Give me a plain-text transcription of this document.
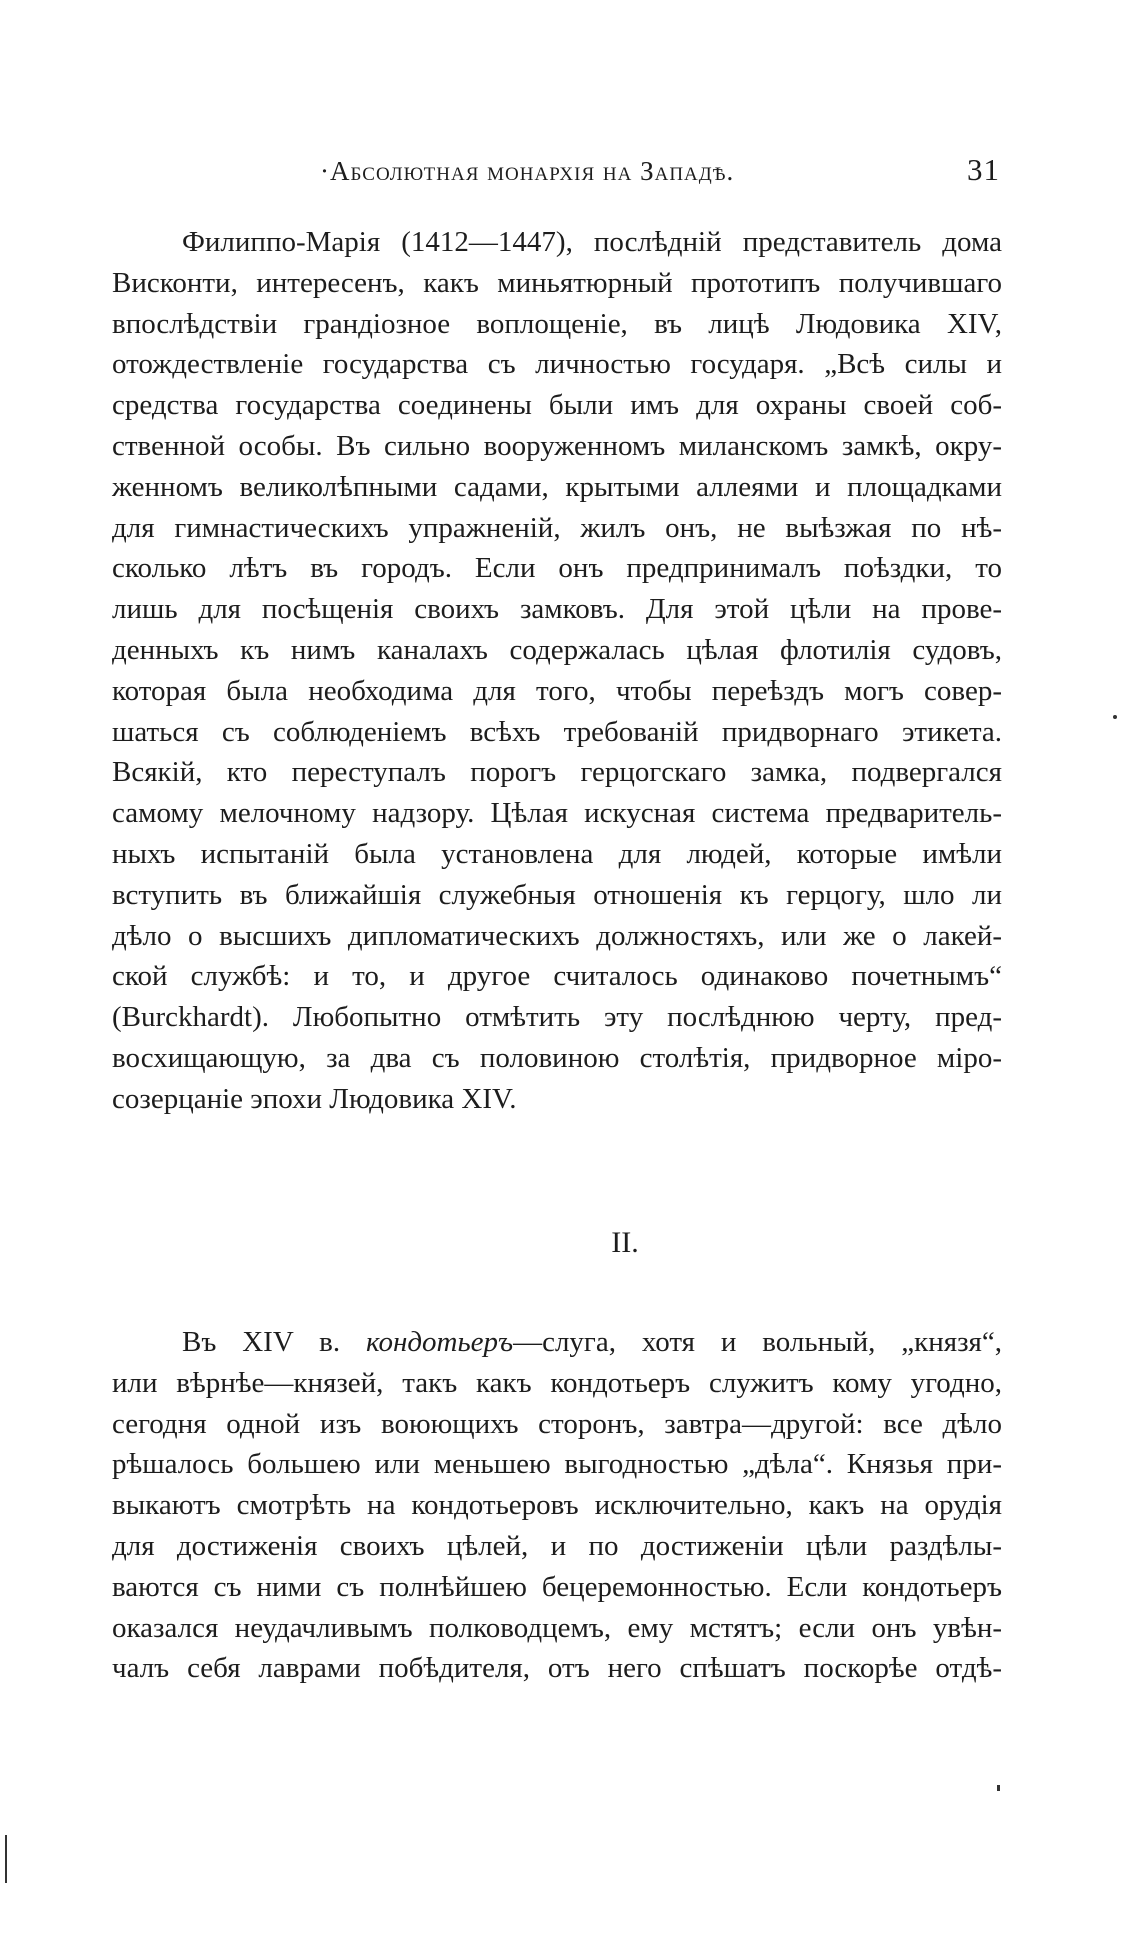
·Абсолютная монархія на Западѣ.	31
Филиппо-Марія (1412—1447), послѣдній представитель дома
Висконти, интересенъ, какъ миньятюрный прототипъ получившаго
впослѣдствіи грандіозное воплощеніе, въ лицѣ Людовика XIV,
отождествленіе государства съ личностью государя. „Всѣ силы и
средства государства соединены были имъ для охраны своей соб-
ственной особы. Въ сильно вооруженномъ миланскомъ замкѣ, окру-
женномъ великолѣпными садами, крытыми аллеями и площадками
для гимнастическихъ упражненій, жилъ онъ, не выѣзжая по нѣ-
сколько лѣтъ въ городъ. Если онъ предпринималъ поѣздки, то
лишь для посѣщенія своихъ замковъ. Для этой цѣли на прове-
денныхъ къ нимъ каналахъ содержалась цѣлая флотилія судовъ,
которая была необходима для того, чтобы переѣздъ могъ совер-
шаться съ соблюденіемъ всѣхъ требованій придворнаго этикета.
Всякій, кто переступалъ порогъ герцогскаго замка, подвергался
самому мелочному надзору. Цѣлая искусная система предваритель-
ныхъ испытаній была установлена для людей, которые имѣли
вступить въ ближайшія служебныя отношенія къ герцогу, шло ли
дѣло о высшихъ дипломатическихъ должностяхъ, или же о лакей-
ской службѣ: и то, и другое считалось одинаково почетнымъ“
(Burckhardt). Любопытно отмѣтить эту послѣднюю черту, пред-
восхищающую, за два съ половиною столѣтія, придворное міро-
созерцаніе эпохи Людовика XIV.
II.
Въ XIV в. кондотьеръ—слуга, хотя и вольный, „князя“,
или вѣрнѣе—князей, такъ какъ кондотьеръ служитъ кому угодно,
сегодня одной изъ воюющихъ сторонъ, завтра—другой: все дѣло
рѣшалось большею или меньшею выгодностью „дѣла“. Князья при-
выкаютъ смотрѣть на кондотьеровъ исключительно, какъ на орудія
для достиженія своихъ цѣлей, и по достиженіи цѣли раздѣлы-
ваются съ ними съ полнѣйшею бецеремонностью. Если кондотьеръ
оказался неудачливымъ полководцемъ, ему мстятъ; если онъ увѣн-
чалъ себя лаврами побѣдителя, отъ него спѣшатъ поскорѣе отдѣ-
